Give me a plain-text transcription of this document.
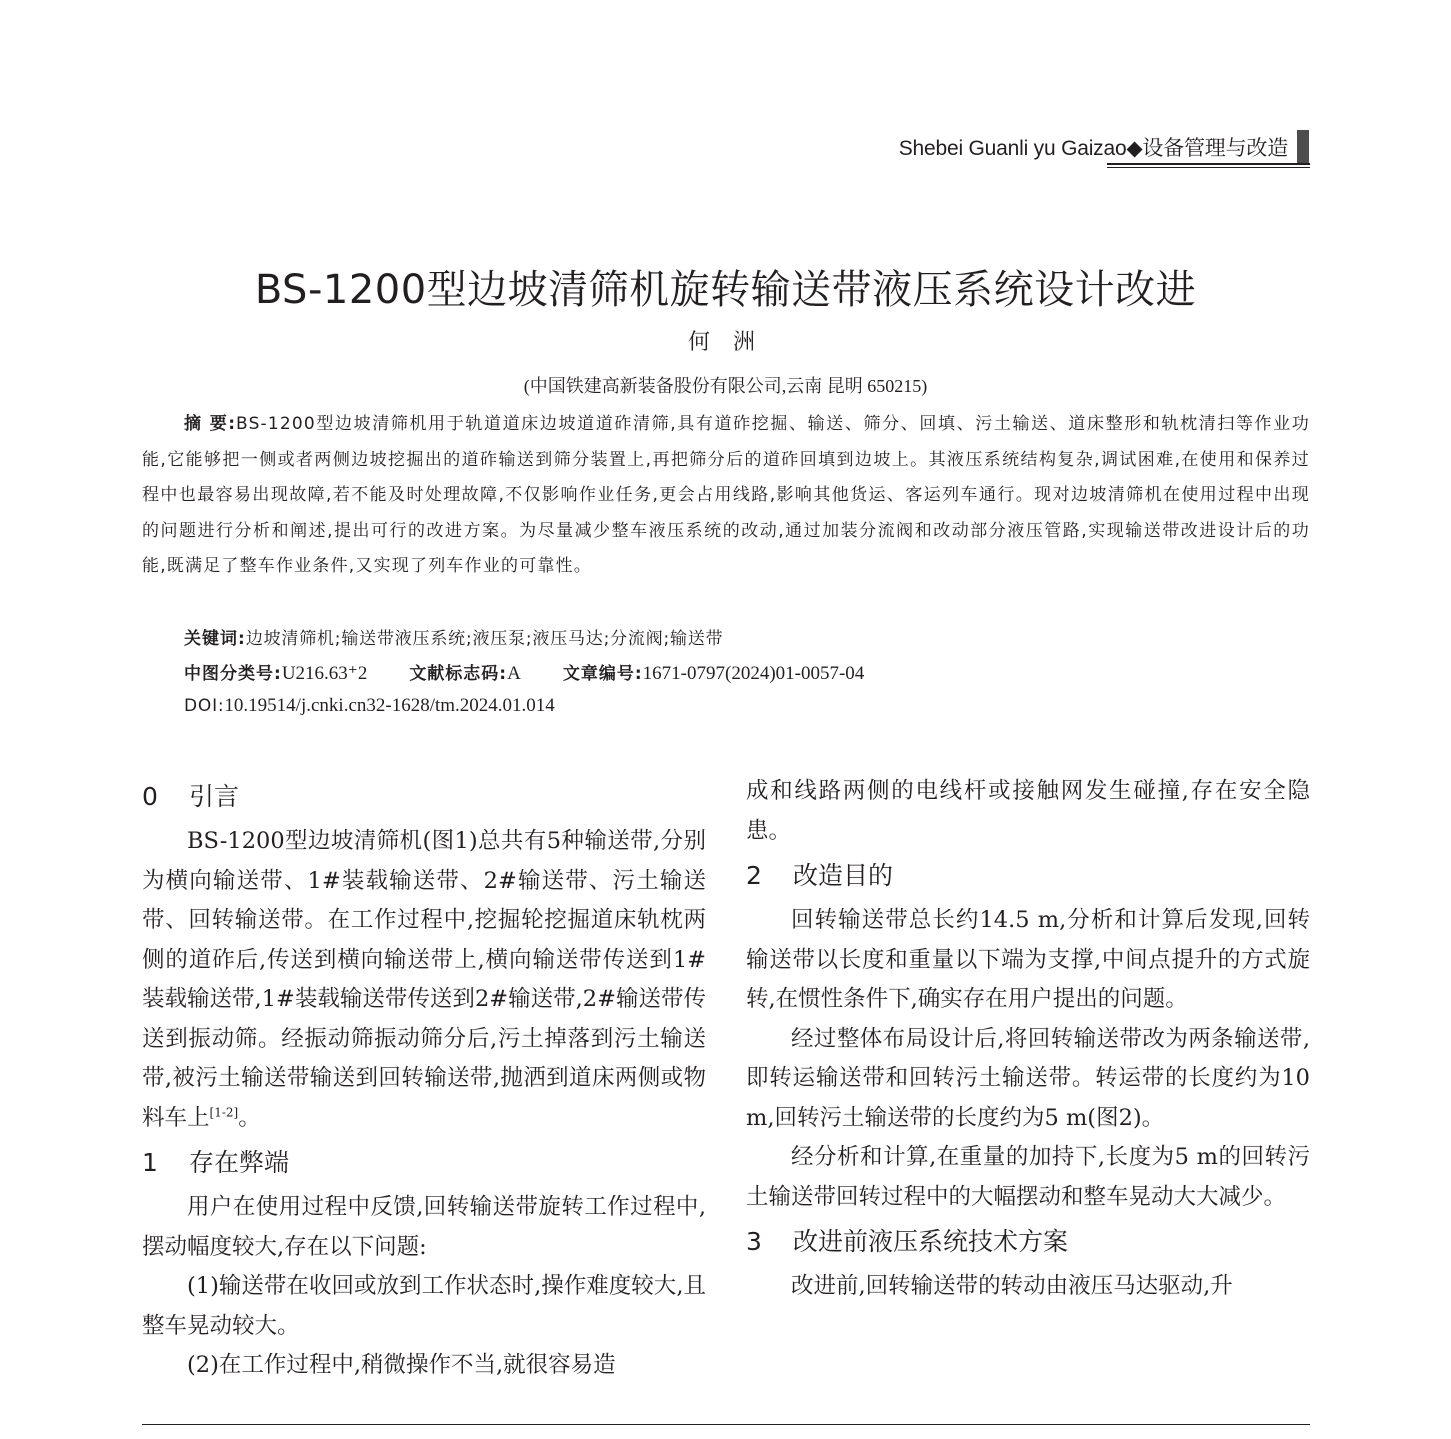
Shebei Guanli yu Gaizao◆设备管理与改造
BS-1200型边坡清筛机旋转输送带液压系统设计改进
何 洲
(中国铁建高新装备股份有限公司,云南 昆明 650215)
摘 要:BS-1200型边坡清筛机用于轨道道床边坡道道砟清筛,具有道砟挖掘、输送、筛分、回填、污土输送、道床整形和轨枕清扫等作业功能,它能够把一侧或者两侧边坡挖掘出的道砟输送到筛分装置上,再把筛分后的道砟回填到边坡上。其液压系统结构复杂,调试困难,在使用和保养过程中也最容易出现故障,若不能及时处理故障,不仅影响作业任务,更会占用线路,影响其他货运、客运列车通行。现对边坡清筛机在使用过程中出现的问题进行分析和阐述,提出可行的改进方案。为尽量减少整车液压系统的改动,通过加装分流阀和改动部分液压管路,实现输送带改进设计后的功能,既满足了整车作业条件,又实现了列车作业的可靠性。
关键词:边坡清筛机;输送带液压系统;液压泵;液压马达;分流阀;输送带
中图分类号:U216.63⁺2 文献标志码:A 文章编号:1671-0797(2024)01-0057-04
DOI:10.19514/j.cnki.cn32-1628/tm.2024.01.014
0 引言

BS-1200型边坡清筛机(图1)总共有5种输送带,分别为横向输送带、1#装载输送带、2#输送带、污土输送带、回转输送带。在工作过程中,挖掘轮挖掘道床轨枕两侧的道砟后,传送到横向输送带上,横向输送带传送到1#装载输送带,1#装载输送带传送到2#输送带,2#输送带传送到振动筛。经振动筛振动筛分后,污土掉落到污土输送带,被污土输送带输送到回转输送带,抛洒到道床两侧或物料车上[1-2]。

1 存在弊端

用户在使用过程中反馈,回转输送带旋转工作过程中,摆动幅度较大,存在以下问题:

(1)输送带在收回或放到工作状态时,操作难度较大,且整车晃动较大。

(2)在工作过程中,稍微操作不当,就很容易造

成和线路两侧的电线杆或接触网发生碰撞,存在安全隐患。

2 改造目的

回转输送带总长约14.5 m,分析和计算后发现,回转输送带以长度和重量以下端为支撑,中间点提升的方式旋转,在惯性条件下,确实存在用户提出的问题。

经过整体布局设计后,将回转输送带改为两条输送带,即转运输送带和回转污土输送带。转运带的长度约为10 m,回转污土输送带的长度约为5 m(图2)。

经分析和计算,在重量的加持下,长度为5 m的回转污土输送带回转过程中的大幅摆动和整车晃动大大减少。

3 改进前液压系统技术方案

改进前,回转输送带的转动由液压马达驱动,升
